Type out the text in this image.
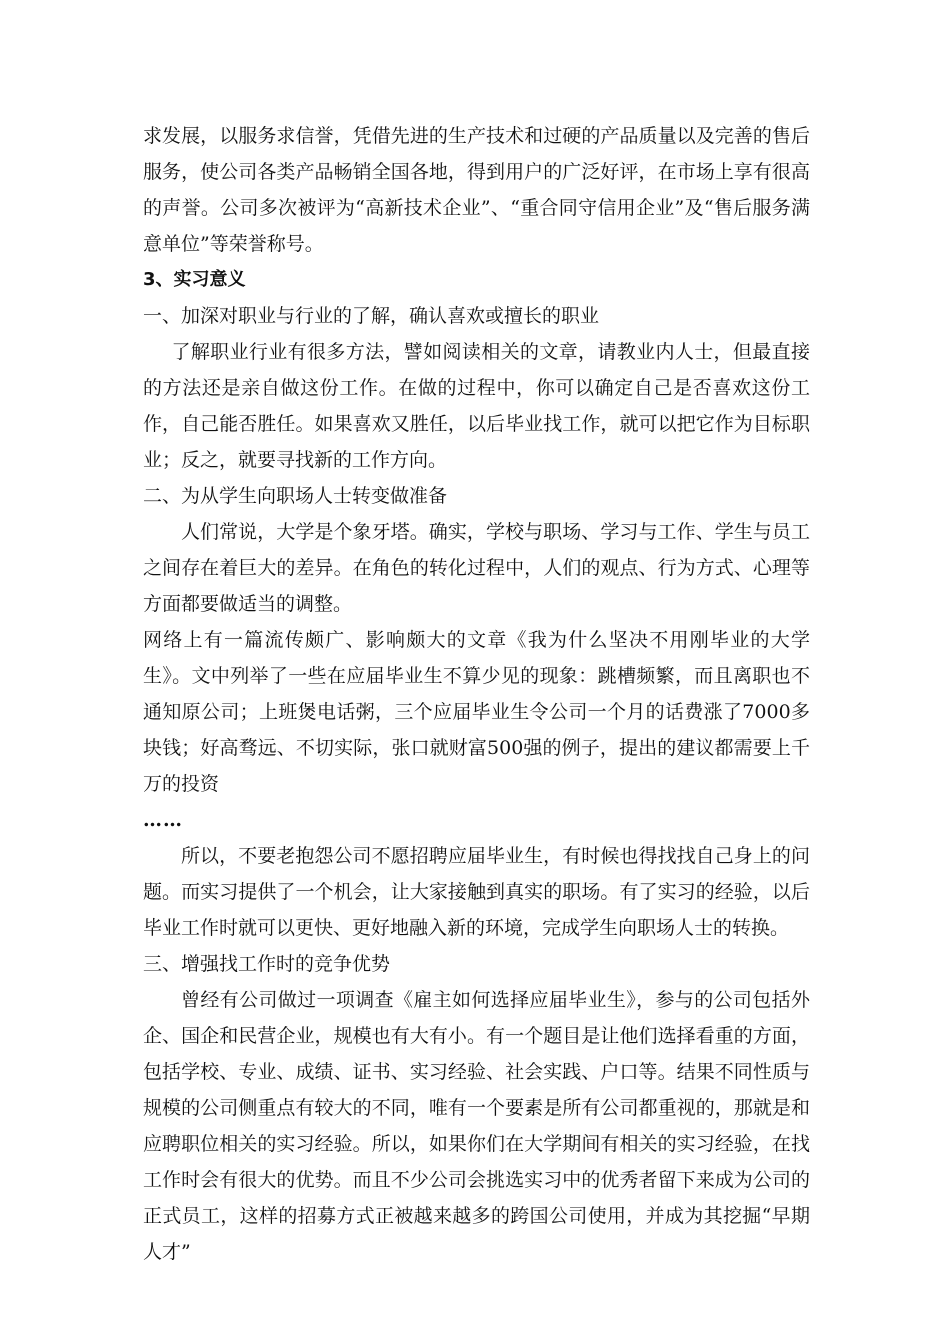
求发展，以服务求信誉，凭借先进的生产技术和过硬的产品质量以及完善的售后服务，使公司各类产品畅销全国各地，得到用户的广泛好评，在市场上享有很高的声誉。公司多次被评为“高新技术企业”、“重合同守信用企业”及“售后服务满意单位”等荣誉称号。

3、实习意义

一、加深对职业与行业的了解，确认喜欢或擅长的职业

了解职业行业有很多方法，譬如阅读相关的文章，请教业内人士，但最直接的方法还是亲自做这份工作。在做的过程中，你可以确定自己是否喜欢这份工作，自己能否胜任。如果喜欢又胜任，以后毕业找工作，就可以把它作为目标职业；反之，就要寻找新的工作方向。

二、为从学生向职场人士转变做准备

人们常说，大学是个象牙塔。确实，学校与职场、学习与工作、学生与员工之间存在着巨大的差异。在角色的转化过程中，人们的观点、行为方式、心理等方面都要做适当的调整。

网络上有一篇流传颇广、影响颇大的文章《我为什么坚决不用刚毕业的大学生》。文中列举了一些在应届毕业生不算少见的现象：跳槽频繁，而且离职也不通知原公司；上班煲电话粥，三个应届毕业生令公司一个月的话费涨了7000多块钱；好高骛远、不切实际，张口就财富500强的例子，提出的建议都需要上千万的投资

……

所以，不要老抱怨公司不愿招聘应届毕业生，有时候也得找找自己身上的问题。而实习提供了一个机会，让大家接触到真实的职场。有了实习的经验，以后毕业工作时就可以更快、更好地融入新的环境，完成学生向职场人士的转换。

三、增强找工作时的竞争优势

曾经有公司做过一项调查《雇主如何选择应届毕业生》，参与的公司包括外企、国企和民营企业，规模也有大有小。有一个题目是让他们选择看重的方面，包括学校、专业、成绩、证书、实习经验、社会实践、户口等。结果不同性质与规模的公司侧重点有较大的不同，唯有一个要素是所有公司都重视的，那就是和应聘职位相关的实习经验。所以，如果你们在大学期间有相关的实习经验，在找工作时会有很大的优势。而且不少公司会挑选实习中的优秀者留下来成为公司的正式员工，这样的招募方式正被越来越多的跨国公司使用，并成为其挖掘“早期人才”
